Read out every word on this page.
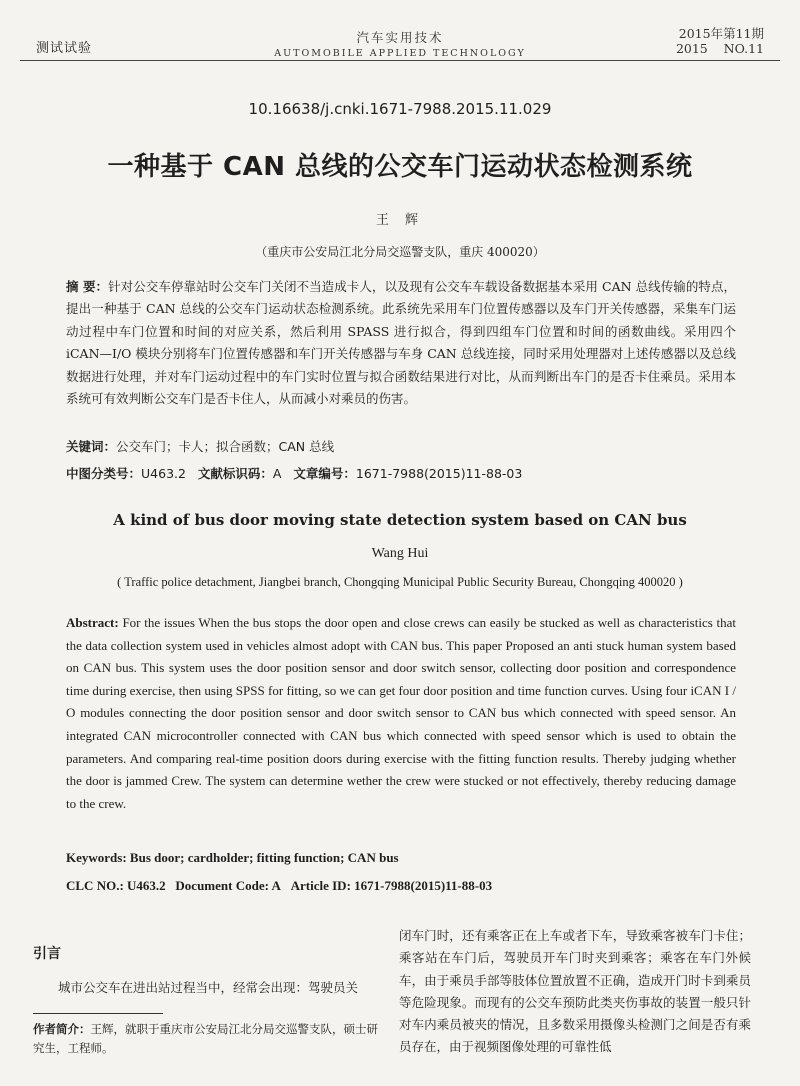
测试试验
汽车实用技术
AUTOMOBILE APPLIED TECHNOLOGY
2015年第11期
2015    NO.11
10.16638/j.cnki.1671-7988.2015.11.029
一种基于 CAN 总线的公交车门运动状态检测系统
王 辉
（重庆市公安局江北分局交巡警支队，重庆 400020）
摘 要：针对公交车停靠站时公交车门关闭不当造成卡人，以及现有公交车车载设备数据基本采用 CAN 总线传输的特点，提出一种基于 CAN 总线的公交车门运动状态检测系统。此系统先采用车门位置传感器以及车门开关传感器，采集车门运动过程中车门位置和时间的对应关系，然后利用 SPASS 进行拟合，得到四组车门位置和时间的函数曲线。采用四个 iCAN—I/O 模块分别将车门位置传感器和车门开关传感器与车身 CAN 总线连接，同时采用处理器对上述传感器以及总线数据进行处理，并对车门运动过程中的车门实时位置与拟合函数结果进行对比，从而判断出车门的是否卡住乘员。采用本系统可有效判断公交车门是否卡住人，从而减小对乘员的伤害。
关键词：公交车门；卡人；拟合函数；CAN 总线
中图分类号：U463.2 文献标识码：A 文章编号：1671-7988(2015)11-88-03
A kind of bus door moving state detection system based on CAN bus
Wang Hui
( Traffic police detachment, Jiangbei branch, Chongqing Municipal Public Security Bureau, Chongqing 400020 )
Abstract: For the issues When the bus stops the door open and close crews can easily be stucked as well as characteristics that the data collection system used in vehicles almost adopt with CAN bus. This paper Proposed an anti stuck human system based on CAN bus. This system uses the door position sensor and door switch sensor, collecting door position and correspondence time during exercise, then using SPSS for fitting, so we can get four door position and time function curves. Using four iCAN I / O modules connecting the door position sensor and door switch sensor to CAN bus which connected with speed sensor. An integrated CAN microcontroller connected with CAN bus which connected with speed sensor which is used to obtain the parameters. And comparing real-time position doors during exercise with the fitting function results. Thereby judging whether the door is jammed Crew. The system can determine wether the crew were stucked or not effectively, thereby reducing damage to the crew.
Keywords: Bus door; cardholder; fitting function; CAN bus
CLC NO.: U463.2 Document Code: A Article ID: 1671-7988(2015)11-88-03
引言
城市公交车在进出站过程当中，经常会出现：驾驶员关
作者简介：王辉，就职于重庆市公安局江北分局交巡警支队，硕士研究生，工程师。
闭车门时，还有乘客正在上车或者下车，导致乘客被车门卡住；乘客站在车门后，驾驶员开车门时夹到乘客；乘客在车门外候车，由于乘员手部等肢体位置放置不正确，造成开门时卡到乘员等危险现象。而现有的公交车预防此类夹伤事故的装置一般只针对车内乘员被夹的情况，且多数采用摄像头检测门之间是否有乘员存在，由于视频图像处理的可靠性低
